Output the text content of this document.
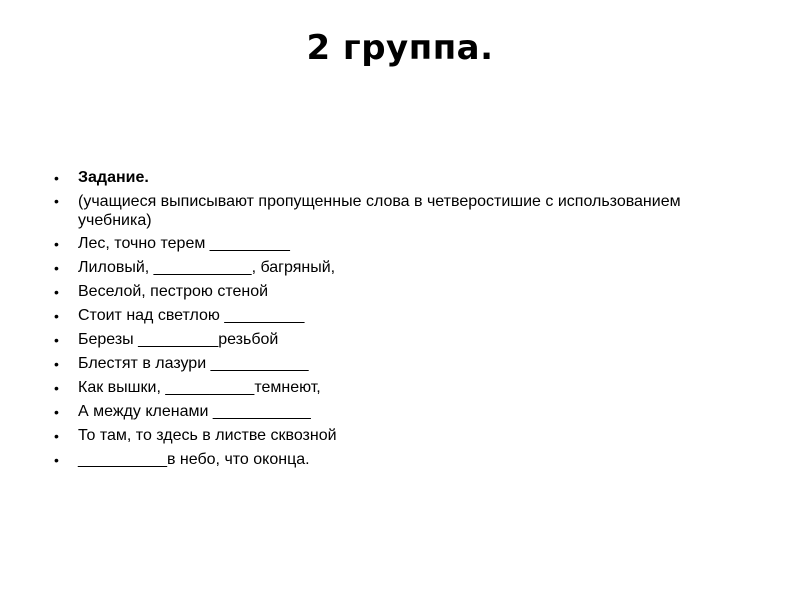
2 группа.
•	Задание.
•	(учащиеся выписывают пропущенные слова в четверостишие с использованием учебника)
•	Лес, точно терем _________
•	Лиловый, ___________, багряный,
•	Веселой, пестрою стеной
•	Стоит над светлою _________
•	Березы _________резьбой
•	Блестят в лазури ___________
•	Как вышки, __________темнеют,
•	А между кленами ___________
•	То там, то здесь в листве сквозной
•	__________в небо, что оконца.
